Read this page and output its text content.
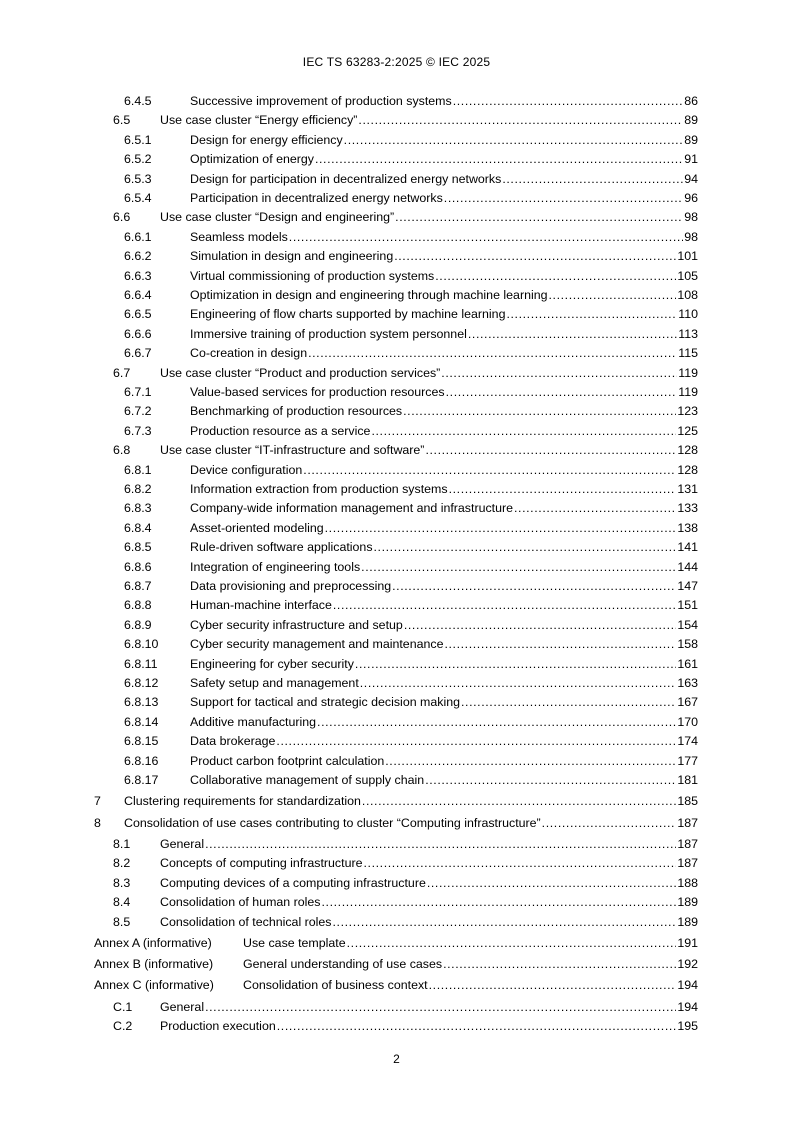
IEC TS 63283-2:2025 © IEC 2025
6.4.5	Successive improvement of production systems .....	86
6.5 Use case cluster “Energy efficiency” .....	89
6.5.1	Design for energy efficiency .....	89
6.5.2	Optimization of energy .....	91
6.5.3	Design for participation in decentralized energy networks .....	94
6.5.4	Participation in decentralized energy networks .....	96
6.6 Use case cluster “Design and engineering” .....	98
6.6.1	Seamless models .....	98
6.6.2	Simulation in design and engineering .....	101
6.6.3	Virtual commissioning of production systems .....	105
6.6.4	Optimization in design and engineering through machine learning .....	108
6.6.5	Engineering of flow charts supported by machine learning .....	110
6.6.6	Immersive training of production system personnel .....	113
6.6.7	Co-creation in design .....	115
6.7 Use case cluster “Product and production services” .....	119
6.7.1	Value-based services for production resources .....	119
6.7.2	Benchmarking of production resources .....	123
6.7.3	Production resource as a service .....	125
6.8 Use case cluster “IT-infrastructure and software” .....	128
6.8.1	Device configuration .....	128
6.8.2	Information extraction from production systems .....	131
6.8.3	Company-wide information management and infrastructure .....	133
6.8.4	Asset-oriented modeling .....	138
6.8.5	Rule-driven software applications .....	141
6.8.6	Integration of engineering tools .....	144
6.8.7	Data provisioning and preprocessing .....	147
6.8.8	Human-machine interface .....	151
6.8.9	Cyber security infrastructure and setup .....	154
6.8.10	Cyber security management and maintenance .....	158
6.8.11	Engineering for cyber security .....	161
6.8.12	Safety setup and management .....	163
6.8.13	Support for tactical and strategic decision making .....	167
6.8.14	Additive manufacturing .....	170
6.8.15	Data brokerage .....	174
6.8.16	Product carbon footprint calculation .....	177
6.8.17	Collaborative management of supply chain .....	181
7 Clustering requirements for standardization .....	185
8 Consolidation of use cases contributing to cluster “Computing infrastructure” .....	187
8.1 General .....	187
8.2 Concepts of computing infrastructure .....	187
8.3 Computing devices of a computing infrastructure .....	188
8.4 Consolidation of human roles .....	189
8.5 Consolidation of technical roles .....	189
Annex A (informative)	Use case template .....	191
Annex B (informative) General understanding of use cases .....	192
Annex C (informative) Consolidation of business context .....	194
C.1 General .....	194
C.2 Production execution .....	195
2
